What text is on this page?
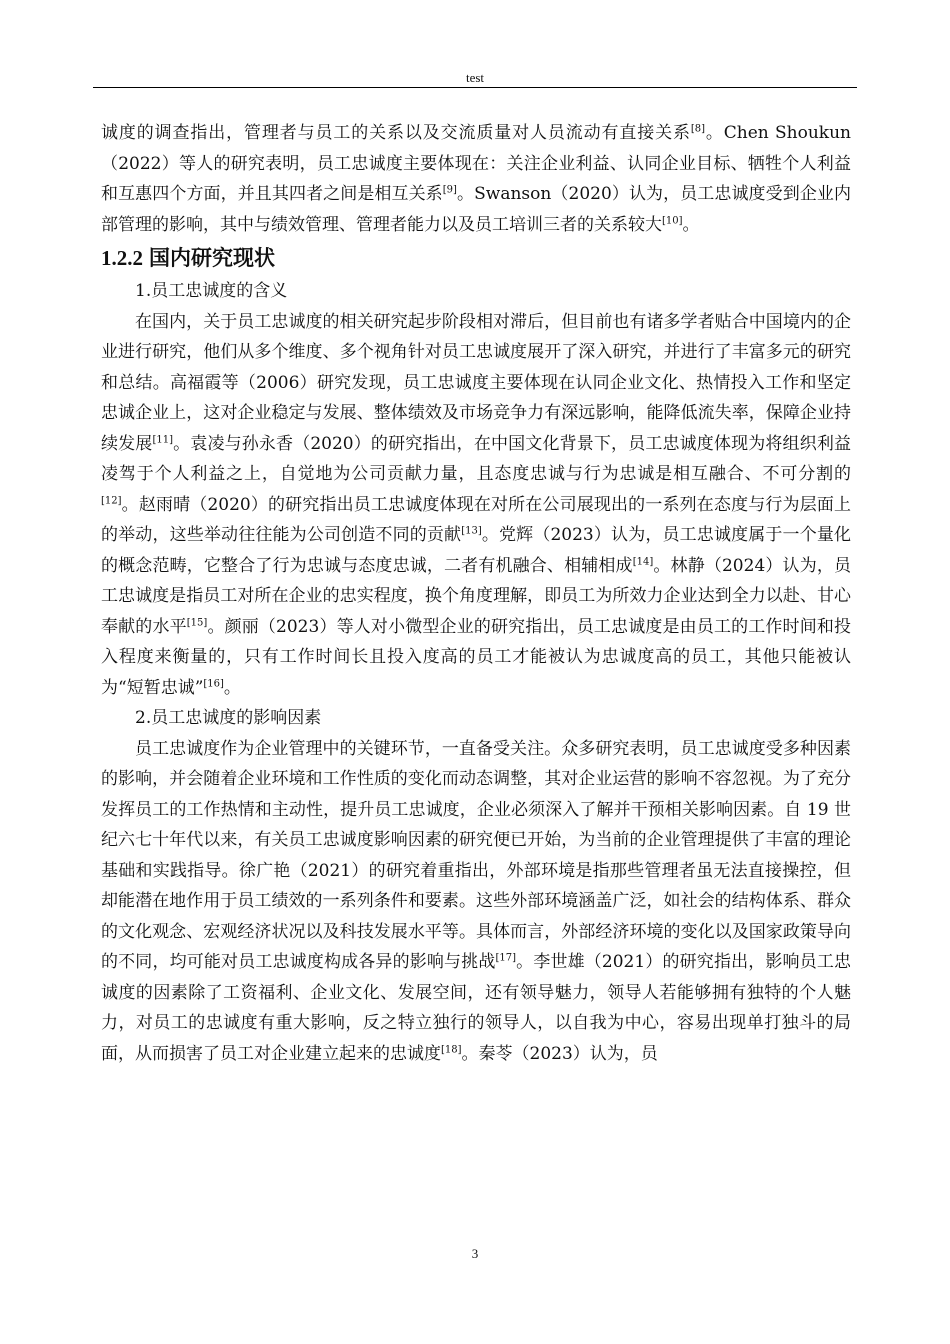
test

诚度的调查指出，管理者与员工的关系以及交流质量对人员流动有直接关系[8]。Chen Shoukun（2022）等人的研究表明，员工忠诚度主要体现在：关注企业利益、认同企业目标、牺牲个人利益和互惠四个方面，并且其四者之间是相互关系[9]。Swanson（2020）认为，员工忠诚度受到企业内部管理的影响，其中与绩效管理、管理者能力以及员工培训三者的关系较大[10]。

1.2.2 国内研究现状

1.员工忠诚度的含义

在国内，关于员工忠诚度的相关研究起步阶段相对滞后，但目前也有诸多学者贴合中国境内的企业进行研究，他们从多个维度、多个视角针对员工忠诚度展开了深入研究，并进行了丰富多元的研究和总结。高福霞等（2006）研究发现，员工忠诚度主要体现在认同企业文化、热情投入工作和坚定忠诚企业上，这对企业稳定与发展、整体绩效及市场竞争力有深远影响，能降低流失率，保障企业持续发展[11]。袁凌与孙永香（2020）的研究指出，在中国文化背景下，员工忠诚度体现为将组织利益凌驾于个人利益之上，自觉地为公司贡献力量，且态度忠诚与行为忠诚是相互融合、不可分割的[12]。赵雨晴（2020）的研究指出员工忠诚度体现在对所在公司展现出的一系列在态度与行为层面上的举动，这些举动往往能为公司创造不同的贡献[13]。党辉（2023）认为，员工忠诚度属于一个量化的概念范畴，它整合了行为忠诚与态度忠诚，二者有机融合、相辅相成[14]。林静（2024）认为，员工忠诚度是指员工对所在企业的忠实程度，换个角度理解，即员工为所效力企业达到全力以赴、甘心奉献的水平[15]。颜丽（2023）等人对小微型企业的研究指出，员工忠诚度是由员工的工作时间和投入程度来衡量的，只有工作时间长且投入度高的员工才能被认为忠诚度高的员工，其他只能被认为“短暂忠诚”[16]。

2.员工忠诚度的影响因素

员工忠诚度作为企业管理中的关键环节，一直备受关注。众多研究表明，员工忠诚度受多种因素的影响，并会随着企业环境和工作性质的变化而动态调整，其对企业运营的影响不容忽视。为了充分发挥员工的工作热情和主动性，提升员工忠诚度，企业必须深入了解并干预相关影响因素。自 19 世纪六七十年代以来，有关员工忠诚度影响因素的研究便已开始，为当前的企业管理提供了丰富的理论基础和实践指导。徐广艳（2021）的研究着重指出，外部环境是指那些管理者虽无法直接操控，但却能潜在地作用于员工绩效的一系列条件和要素。这些外部环境涵盖广泛，如社会的结构体系、群众的文化观念、宏观经济状况以及科技发展水平等。具体而言，外部经济环境的变化以及国家政策导向的不同，均可能对员工忠诚度构成各异的影响与挑战[17]。李世雄（2021）的研究指出，影响员工忠诚度的因素除了工资福利、企业文化、发展空间，还有领导魅力，领导人若能够拥有独特的个人魅力，对员工的忠诚度有重大影响，反之特立独行的领导人，以自我为中心，容易出现单打独斗的局面，从而损害了员工对企业建立起来的忠诚度[18]。秦苓（2023）认为，员

3
